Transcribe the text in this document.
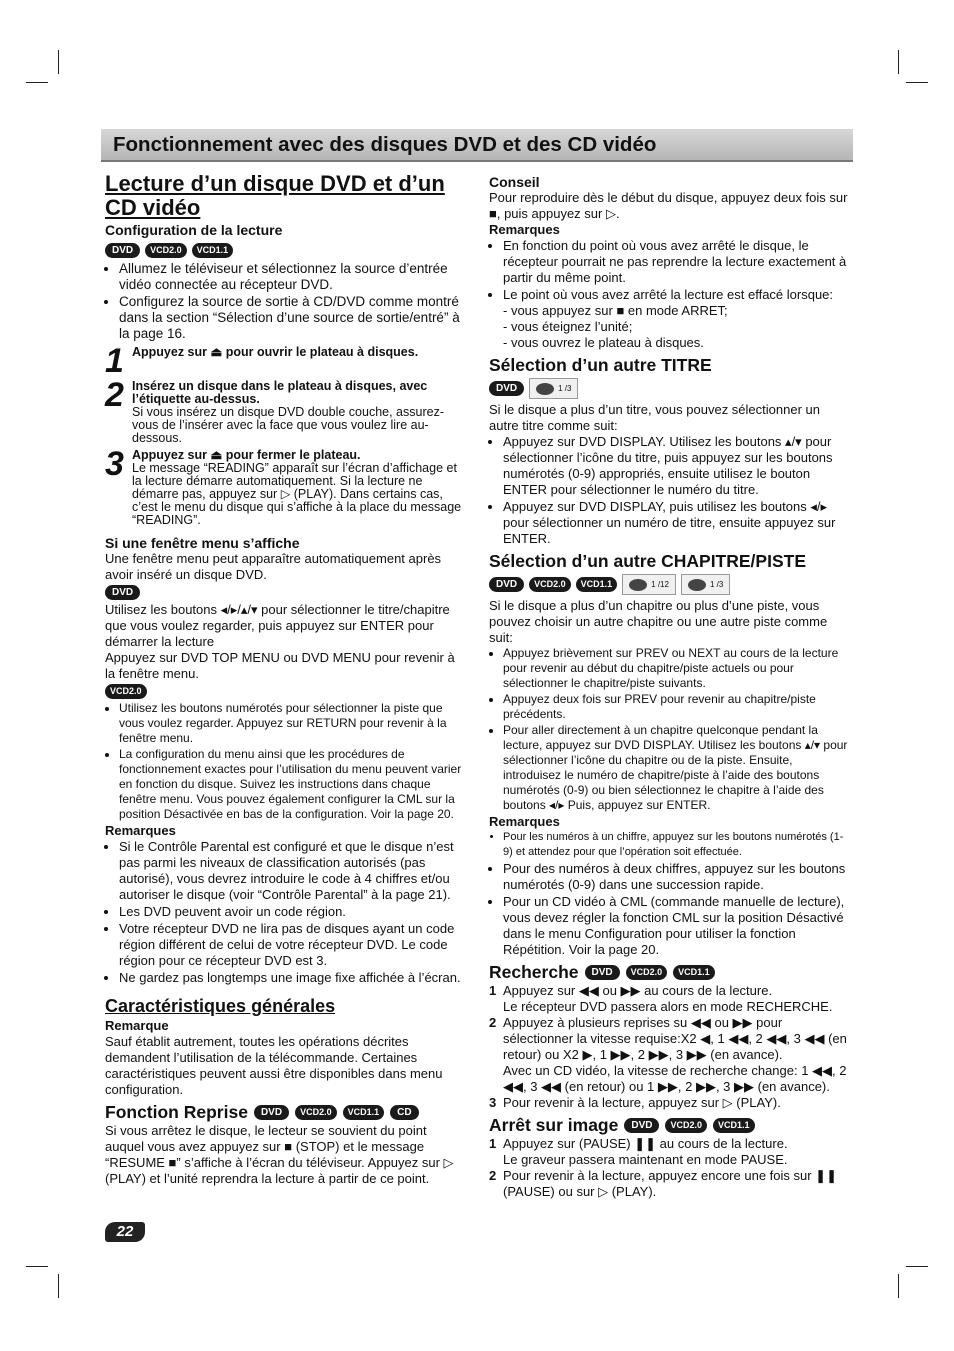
Fonctionnement avec des disques DVD et des CD vidéo
Lecture d’un disque DVD et d’un CD vidéo
Configuration de la lecture
DVD	VCD2.0	VCD1.1
• Allumez le téléviseur et sélectionnez la source d’entrée vidéo connectée au récepteur DVD.
• Configurez la source de sortie à CD/DVD comme montré dans la section “Sélection d’une source de sortie/entré” à la page 16.
1 Appuyez sur ⏏ pour ouvrir le plateau à disques.
2 Insérez un disque dans le plateau à disques, avec l’étiquette au-dessus.
Si vous insérez un disque DVD double couche, assurez-vous de l’insérer avec la face que vous voulez lire au-dessous.
3 Appuyez sur ⏏ pour fermer le plateau.
Le message “READING” apparaît sur l’écran d’affichage et la lecture démarre automatiquement. Si la lecture ne démarre pas, appuyez sur ▷ (PLAY). Dans certains cas, c’est le menu du disque qui s’affiche à la place du message “READING”.
Si une fenêtre menu s’affiche

Une fenêtre menu peut apparaître automatiquement après avoir inséré un disque DVD.

DVD

Utilisez les boutons ◂/▸/▴/▾ pour sélectionner le titre/chapitre que vous voulez regarder, puis appuyez sur ENTER pour démarrer la lecture

Appuyez sur DVD TOP MENU ou DVD MENU pour revenir à la fenêtre menu.

VCD2.0
• Utilisez les boutons numérotés pour sélectionner la piste que vous voulez regarder. Appuyez sur RETURN pour revenir à la fenêtre menu.
• La configuration du menu ainsi que les procédures de fonctionnement exactes pour l’utilisation du menu peuvent varier en fonction du disque. Suivez les instructions dans chaque fenêtre menu. Vous pouvez également configurer la CML sur la position Désactivée en bas de la configuration. Voir la page 20.
Remarques
• Si le Contrôle Parental est configuré et que le disque n’est pas parmi les niveaux de classification autorisés (pas autorisé), vous devrez introduire le code à 4 chiffres et/ou autoriser le disque (voir “Contrôle Parental” à la page 21).
• Les DVD peuvent avoir un code région.
• Votre récepteur DVD ne lira pas de disques ayant un code région différent de celui de votre récepteur DVD. Le code région pour ce récepteur DVD est 3.
• Ne gardez pas longtemps une image fixe affichée à l’écran.
Caractéristiques générales
Remarque

Sauf établit autrement, toutes les opérations décrites demandent l’utilisation de la télécommande. Certaines caractéristiques peuvent aussi être disponibles dans menu configuration.

Fonction Reprise	DVD	VCD2.0	VCD1.1	CD

Si vous arrêtez le disque, le lecteur se souvient du point auquel vous avez appuyez sur ■ (STOP) et le message “RESUME ■” s’affiche à l’écran du téléviseur. Appuyez sur ▷ (PLAY) et l’unité reprendra la lecture à partir de ce point.

Conseil

Pour reproduire dès le début du disque, appuyez deux fois sur ■, puis appuyez sur ▷.

Remarques
• En fonction du point où vous avez arrêté le disque, le récepteur pourrait ne pas reprendre la lecture exactement à partir du même point.
• Le point où vous avez arrêté la lecture est effacé lorsque:
- vous appuyez sur ■ en mode ARRET;
- vous éteignez l’unité;
- vous ouvrez le plateau à disques.
Sélection d’un autre TITRE
DVD	1 /3

Si le disque a plus d’un titre, vous pouvez sélectionner un autre titre comme suit:

• Appuyez sur DVD DISPLAY. Utilisez les boutons ▴/▾ pour sélectionner l’icône du titre, puis appuyez sur les boutons numérotés (0-9) appropriés, ensuite utilisez le bouton ENTER pour sélectionner le numéro du titre.
• Appuyez sur DVD DISPLAY, puis utilisez les boutons ◂/▸ pour sélectionner un numéro de titre, ensuite appuyez sur ENTER.
Sélection d’un autre CHAPITRE/PISTE
DVD	VCD2.0	VCD1.1	1 /12	1 /3

Si le disque a plus d’un chapitre ou plus d’une piste, vous pouvez choisir un autre chapitre ou une autre piste comme suit:

• Appuyez brièvement sur PREV ou NEXT au cours de la lecture pour revenir au début du chapitre/piste actuels ou pour sélectionner le chapitre/piste suivants.
• Appuyez deux fois sur PREV pour revenir au chapitre/piste précédents.
• Pour aller directement à un chapitre quelconque pendant la lecture, appuyez sur DVD DISPLAY. Utilisez les boutons ▴/▾ pour sélectionner l’icône du chapitre ou de la piste. Ensuite, introduisez le numéro de chapitre/piste à l’aide des boutons numérotés (0-9) ou bien sélectionnez le chapitre à l’aide des boutons ◂/▸ Puis, appuyez sur ENTER.
Remarques
• Pour les numéros à un chiffre, appuyez sur les boutons numérotés (1-9) et attendez pour que l’opération soit effectuée.
• Pour des numéros à deux chiffres, appuyez sur les boutons numérotés (0-9) dans une succession rapide.
• Pour un CD vidéo à CML (commande manuelle de lecture), vous devez régler la fonction CML sur la position Désactivé dans le menu Configuration pour utiliser la fonction Répétition. Voir la page 20.
Recherche	DVD	VCD2.0	VCD1.1
1 Appuyez sur ◀◀ ou ▶▶ au cours de la lecture.
Le récepteur DVD passera alors en mode RECHERCHE.
2 Appuyez à plusieurs reprises su ◀◀ ou ▶▶ pour sélectionner la vitesse requise:X2 ◀, 1 ◀◀, 2 ◀◀, 3 ◀◀ (en retour) ou X2 ▶, 1 ▶▶, 2 ▶▶, 3 ▶▶ (en avance).
Avec un CD vidéo, la vitesse de recherche change: 1 ◀◀, 2 ◀◀, 3 ◀◀ (en retour) ou 1 ▶▶, 2 ▶▶, 3 ▶▶ (en avance).
3 Pour revenir à la lecture, appuyez sur ▷ (PLAY).
Arrêt sur image	DVD	VCD2.0	VCD1.1
1 Appuyez sur (PAUSE) ❚❚ au cours de la lecture.
Le graveur passera maintenant en mode PAUSE.
2 Pour revenir à la lecture, appuyez encore une fois sur ❚❚ (PAUSE) ou sur ▷ (PLAY).
22
